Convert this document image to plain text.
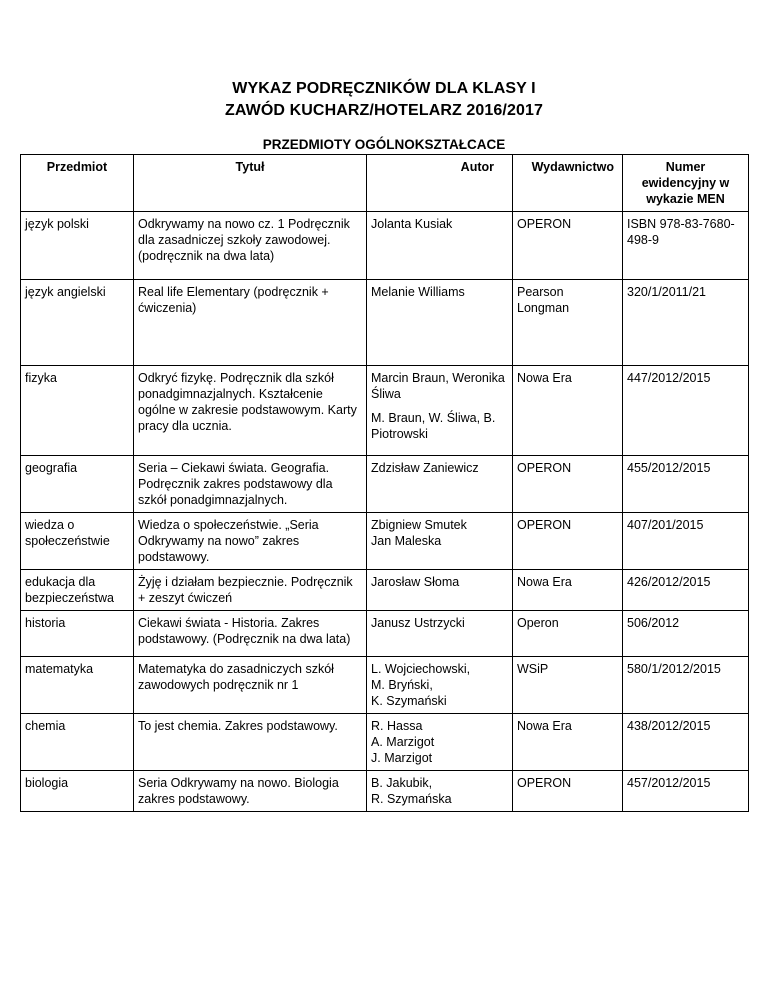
WYKAZ PODRĘCZNIKÓW DLA KLASY I
ZAWÓD KUCHARZ/HOTELARZ 2016/2017
PRZEDMIOTY OGÓLNOKSZTAŁCACE
Przedmiot	Tytuł	Autor	Wydawnictwo	Numer ewidencyjny w wykazie MEN
język polski	Odkrywamy na nowo cz. 1 Podręcznik dla zasadniczej szkoły zawodowej. (podręcznik na dwa lata)	Jolanta Kusiak	OPERON	ISBN 978-83-7680-498-9
język angielski	Real life Elementary (podręcznik + ćwiczenia)	Melanie Williams	Pearson Longman	320/1/2011/21
fizyka	Odkryć fizykę. Podręcznik dla szkół ponadgimnazjalnych. Kształcenie ogólne w zakresie podstawowym. Karty pracy dla ucznia.	Marcin Braun, Weronika Śliwa
M. Braun, W. Śliwa, B. Piotrowski	Nowa Era	447/2012/2015
geografia	Seria – Ciekawi świata. Geografia. Podręcznik zakres podstawowy dla szkół ponadgimnazjalnych.	Zdzisław Zaniewicz	OPERON	455/2012/2015
wiedza o społeczeństwie	Wiedza o społeczeństwie. „Seria Odkrywamy na nowo” zakres podstawowy.	Zbigniew Smutek
Jan Maleska	OPERON	407/201/2015
edukacja dla bezpieczeństwa	Żyję i działam bezpiecznie. Podręcznik + zeszyt ćwiczeń	Jarosław Słoma	Nowa Era	426/2012/2015
historia	Ciekawi świata - Historia. Zakres podstawowy. (Podręcznik na dwa lata)	Janusz Ustrzycki	Operon	506/2012
matematyka	Matematyka do zasadniczych szkół zawodowych podręcznik nr 1	L. Wojciechowski,
M. Bryński,
K. Szymański	WSiP	580/1/2012/2015
chemia	To jest chemia. Zakres podstawowy.	R. Hassa
A. Marzigot
J. Marzigot	Nowa Era	438/2012/2015
biologia	Seria Odkrywamy na nowo. Biologia zakres podstawowy.	B. Jakubik,
R. Szymańska	OPERON	457/2012/2015
